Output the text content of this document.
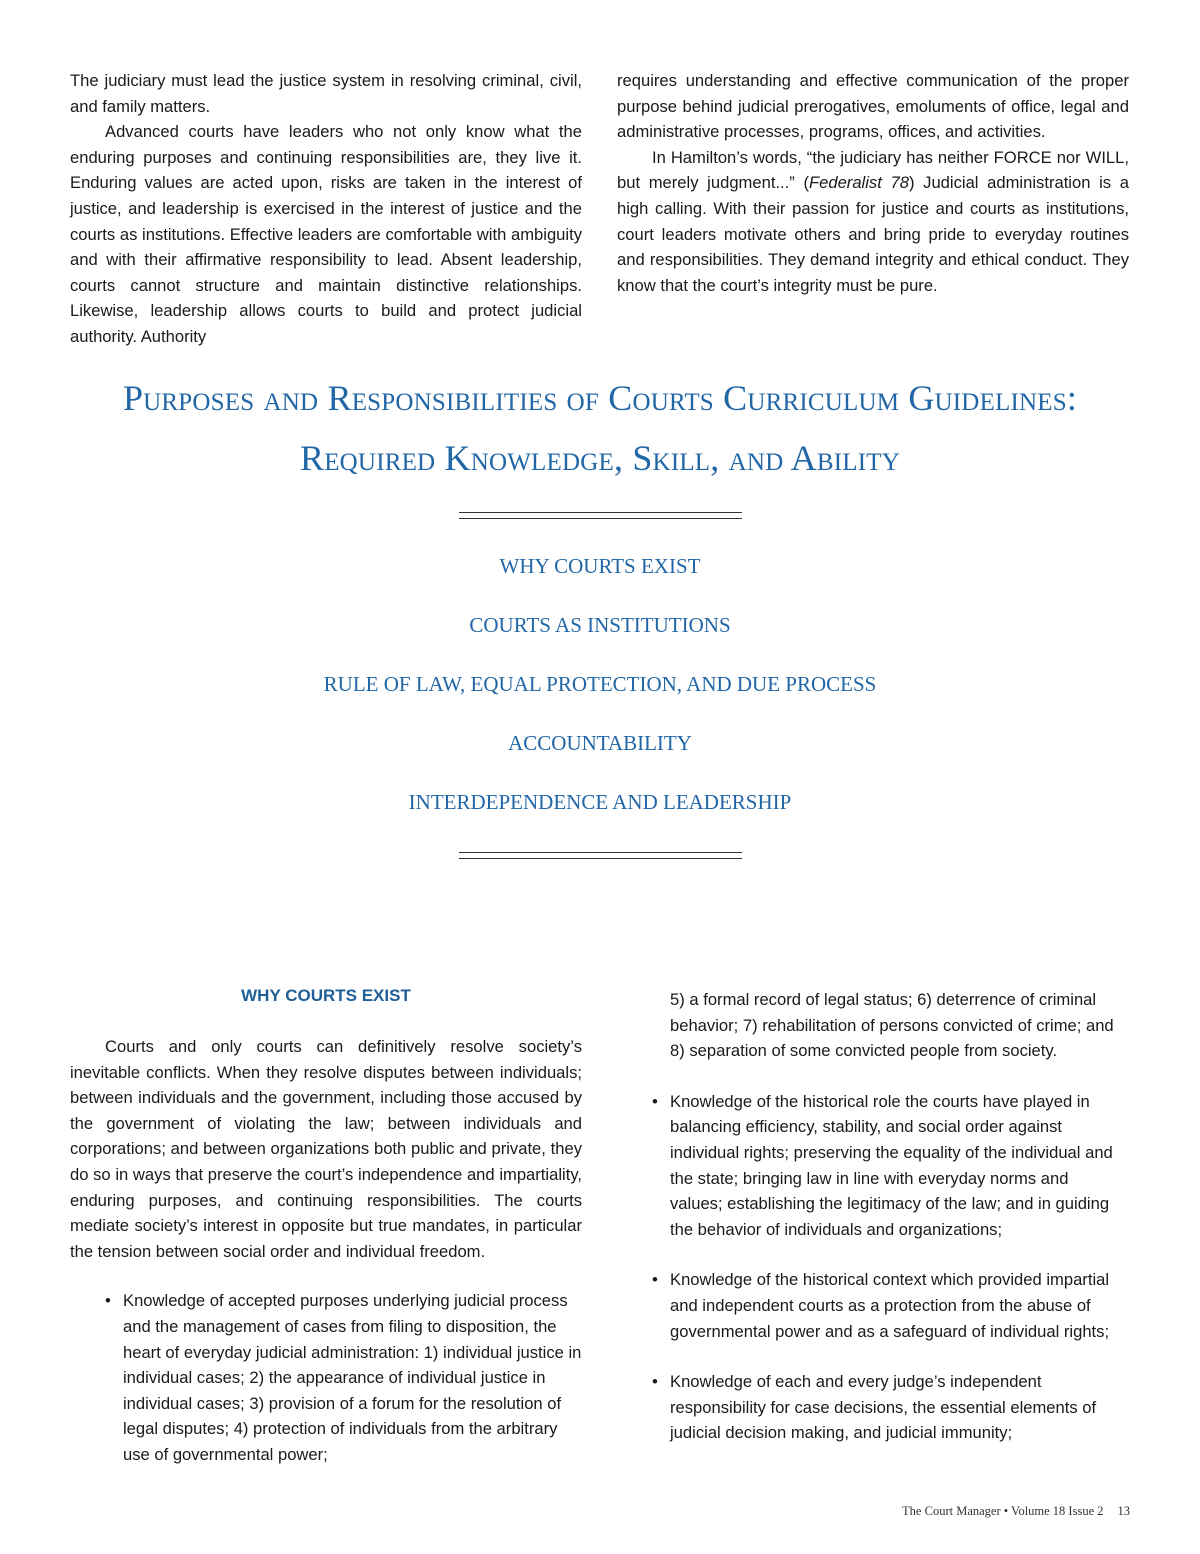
The judiciary must lead the justice system in resolving criminal, civil, and family matters.

Advanced courts have leaders who not only know what the enduring purposes and continuing responsibilities are, they live it. Enduring values are acted upon, risks are taken in the interest of justice, and leadership is exercised in the interest of justice and the courts as institutions. Effective leaders are comfortable with ambiguity and with their affirmative responsibility to lead. Absent leadership, courts cannot structure and maintain distinctive relationships. Likewise, leadership allows courts to build and protect judicial authority. Authority

requires understanding and effective communication of the proper purpose behind judicial prerogatives, emoluments of office, legal and administrative processes, programs, offices, and activities.

In Hamilton’s words, “the judiciary has neither FORCE nor WILL, but merely judgment...” (Federalist 78) Judicial administration is a high calling. With their passion for justice and courts as institutions, court leaders motivate others and bring pride to everyday routines and responsibilities. They demand integrity and ethical conduct. They know that the court’s integrity must be pure.

Purposes and Responsibilities of Courts Curriculum Guidelines:
Required Knowledge, Skill, and Ability
WHY COURTS EXIST
COURTS AS INSTITUTIONS
RULE OF LAW, EQUAL PROTECTION, AND DUE PROCESS
ACCOUNTABILITY
INTERDEPENDENCE AND LEADERSHIP
WHY COURTS EXIST

Courts and only courts can definitively resolve society’s inevitable conflicts. When they resolve disputes between individuals; between individuals and the government, including those accused by the government of violating the law; between individuals and corporations; and between organizations both public and private, they do so in ways that preserve the court’s independence and impartiality, enduring purposes, and continuing responsibilities. The courts mediate society’s interest in opposite but true mandates, in particular the tension between social order and individual freedom.

• Knowledge of accepted purposes underlying judicial process and the management of cases from filing to disposition, the heart of everyday judicial administration: 1) individual justice in individual cases; 2) the appearance of individual justice in individual cases; 3) provision of a forum for the resolution of legal disputes; 4) protection of individuals from the arbitrary use of governmental power;

5) a formal record of legal status; 6) deterrence of criminal behavior; 7) rehabilitation of persons convicted of crime; and 8) separation of some convicted people from society.

• Knowledge of the historical role the courts have played in balancing efficiency, stability, and social order against individual rights; preserving the equality of the individual and the state; bringing law in line with everyday norms and values; establishing the legitimacy of the law; and in guiding the behavior of individuals and organizations;
• Knowledge of the historical context which provided impartial and independent courts as a protection from the abuse of governmental power and as a safeguard of individual rights;
• Knowledge of each and every judge’s independent responsibility for case decisions, the essential elements of judicial decision making, and judicial immunity;
The Court Manager • Volume 18 Issue 2 13
